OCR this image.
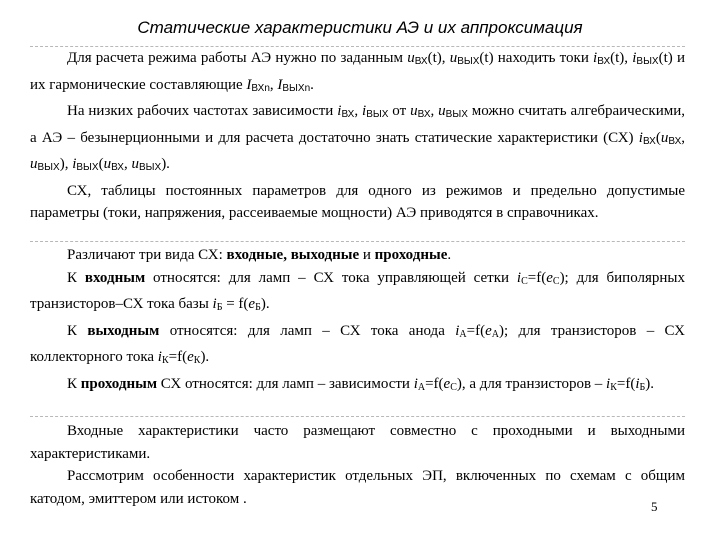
Статические характеристики АЭ и их аппроксимация

Для расчета режима работы АЭ нужно по заданным uВХ(t), uВЫХ(t) находить токи iВХ(t), iВЫХ(t) и их гармонические составляющие IВХn, IВЫХn.

На низких рабочих частотах зависимости iВХ, iВЫХ от uВХ, uВЫХ можно считать алгебраическими, а АЭ – безынерционными и для расчета достаточно знать статические характеристики (СХ) iВХ(uВХ, uВЫХ), iВЫХ(uВХ, uВЫХ).

СХ, таблицы постоянных параметров для одного из режимов и предельно допустимые параметры (токи, напряжения, рассеиваемые мощности) АЭ приводятся в справочниках.

Различают три вида СХ: входные, выходные и проходные.

К входным относятся: для ламп – СХ тока управляющей сетки $i_С=f(e_С)$; для биполярных транзисторов–СХ тока базы $i_Б = f(e_Б)$.

К выходным относятся: для ламп – СХ тока анода $i_А=f(e_А)$; для транзисторов – СХ коллекторного тока $i_К=f(e_К)$.

К проходным СХ относятся: для ламп – зависимости $i_А=f(e_С)$, а для транзисторов – $i_К=f(i_Б)$.

Входные характеристики часто размещают совместно с проходными и выходными характеристиками.

Рассмотрим особенности характеристик отдельных ЭП, включенных по схемам с общим катодом, эмиттером или истоком .	5
